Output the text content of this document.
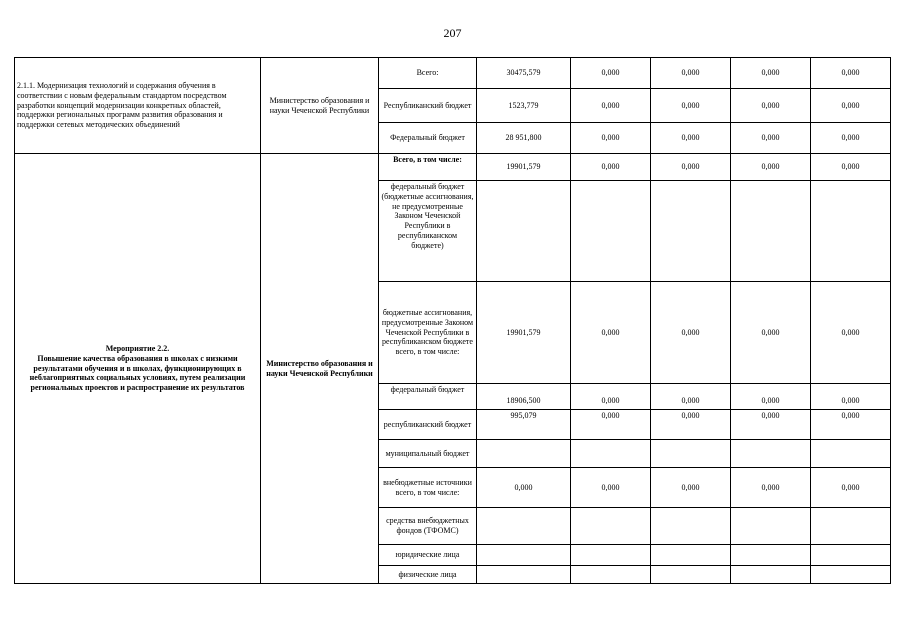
207
2.1.1. Модернизация технологий и содержания обучения в соответствии с новым федеральным стандартом посредством разработки концепций модернизации конкретных областей, поддержки региональных программ развития образования и поддержки сетевых методических объединений	Министерство образования и науки Чеченской Республики	Всего:	30475,579	0,000	0,000	0,000	0,000
		Республиканский бюджет	1523,779	0,000	0,000	0,000	0,000
		Федеральный бюджет	28 951,800	0,000	0,000	0,000	0,000
Мероприятие 2.2.
Повышение качества образования в школах с низкими результатами обучения и в школах, функционирующих в неблагоприятных социальных условиях, путем реализации региональных проектов и распространение их результатов	Министерство образования и науки Чеченской Республики	Всего, в том числе:	19901,579	0,000	0,000	0,000	0,000
		федеральный бюджет (бюджетные ассигнования, не предусмотренные Законом Чеченской Республики в республиканском бюджете)					
		бюджетные ассигнования, предусмотренные Законом Чеченской Республики в республиканском бюджете всего, в том числе:	19901,579	0,000	0,000	0,000	0,000
		федеральный бюджет	18906,500	0,000	0,000	0,000	0,000
		республиканский бюджет	995,079	0,000	0,000	0,000	0,000
		муниципальный бюджет					
		внебюджетные источники всего, в том числе:	0,000	0,000	0,000	0,000	0,000
		средства внебюджетных фондов (ТФОМС)					
		юридические лица					
		физические лица					
